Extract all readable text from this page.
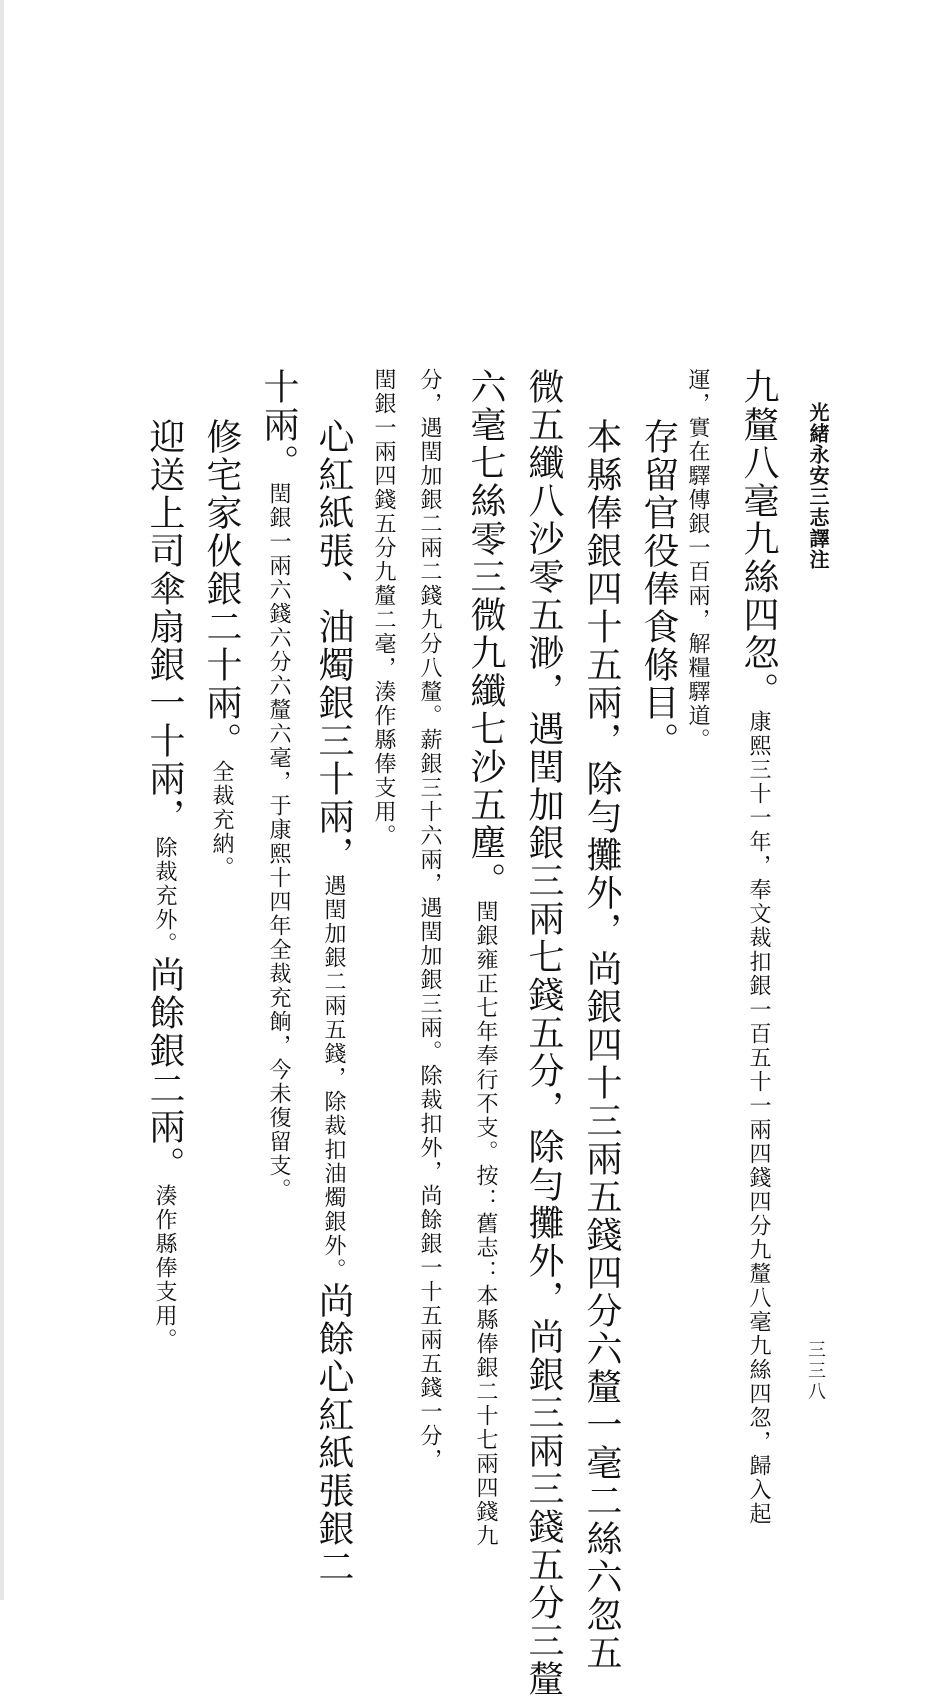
光緒永安三志譯注
三三八
九釐八毫九絲四忽。康熙三十一年，奉文裁扣銀一百五十一兩四錢四分九釐八毫九絲四忽，歸入起
運，實在驛傳銀一百兩，解糧驛道。
存留官役俸食條目。
本縣俸銀四十五兩，除勻攤外，尚銀四十三兩五錢四分六釐一毫二絲六忽五
微五纖八沙零五渺，遇閏加銀三兩七錢五分，除勻攤外，尚銀三兩三錢五分三釐
六毫七絲零三微九纖七沙五塵。閏銀雍正七年奉行不支。按：舊志：本縣俸銀二十七兩四錢九
分，遇閏加銀二兩二錢九分八釐。薪銀三十六兩，遇閏加銀三兩。除裁扣外，尚餘銀一十五兩五錢一分，
閏銀一兩四錢五分九釐二毫，湊作縣俸支用。
心紅紙張、油燭銀三十兩，遇閏加銀二兩五錢，除裁扣油燭銀外。尚餘心紅紙張銀二
十兩。閏銀一兩六錢六分六釐六毫，于康熙十四年全裁充餉，今未復留支。
修宅家伙銀二十兩。全裁充納。
迎送上司傘扇銀一十兩，除裁充外。尚餘銀二兩。湊作縣俸支用。
